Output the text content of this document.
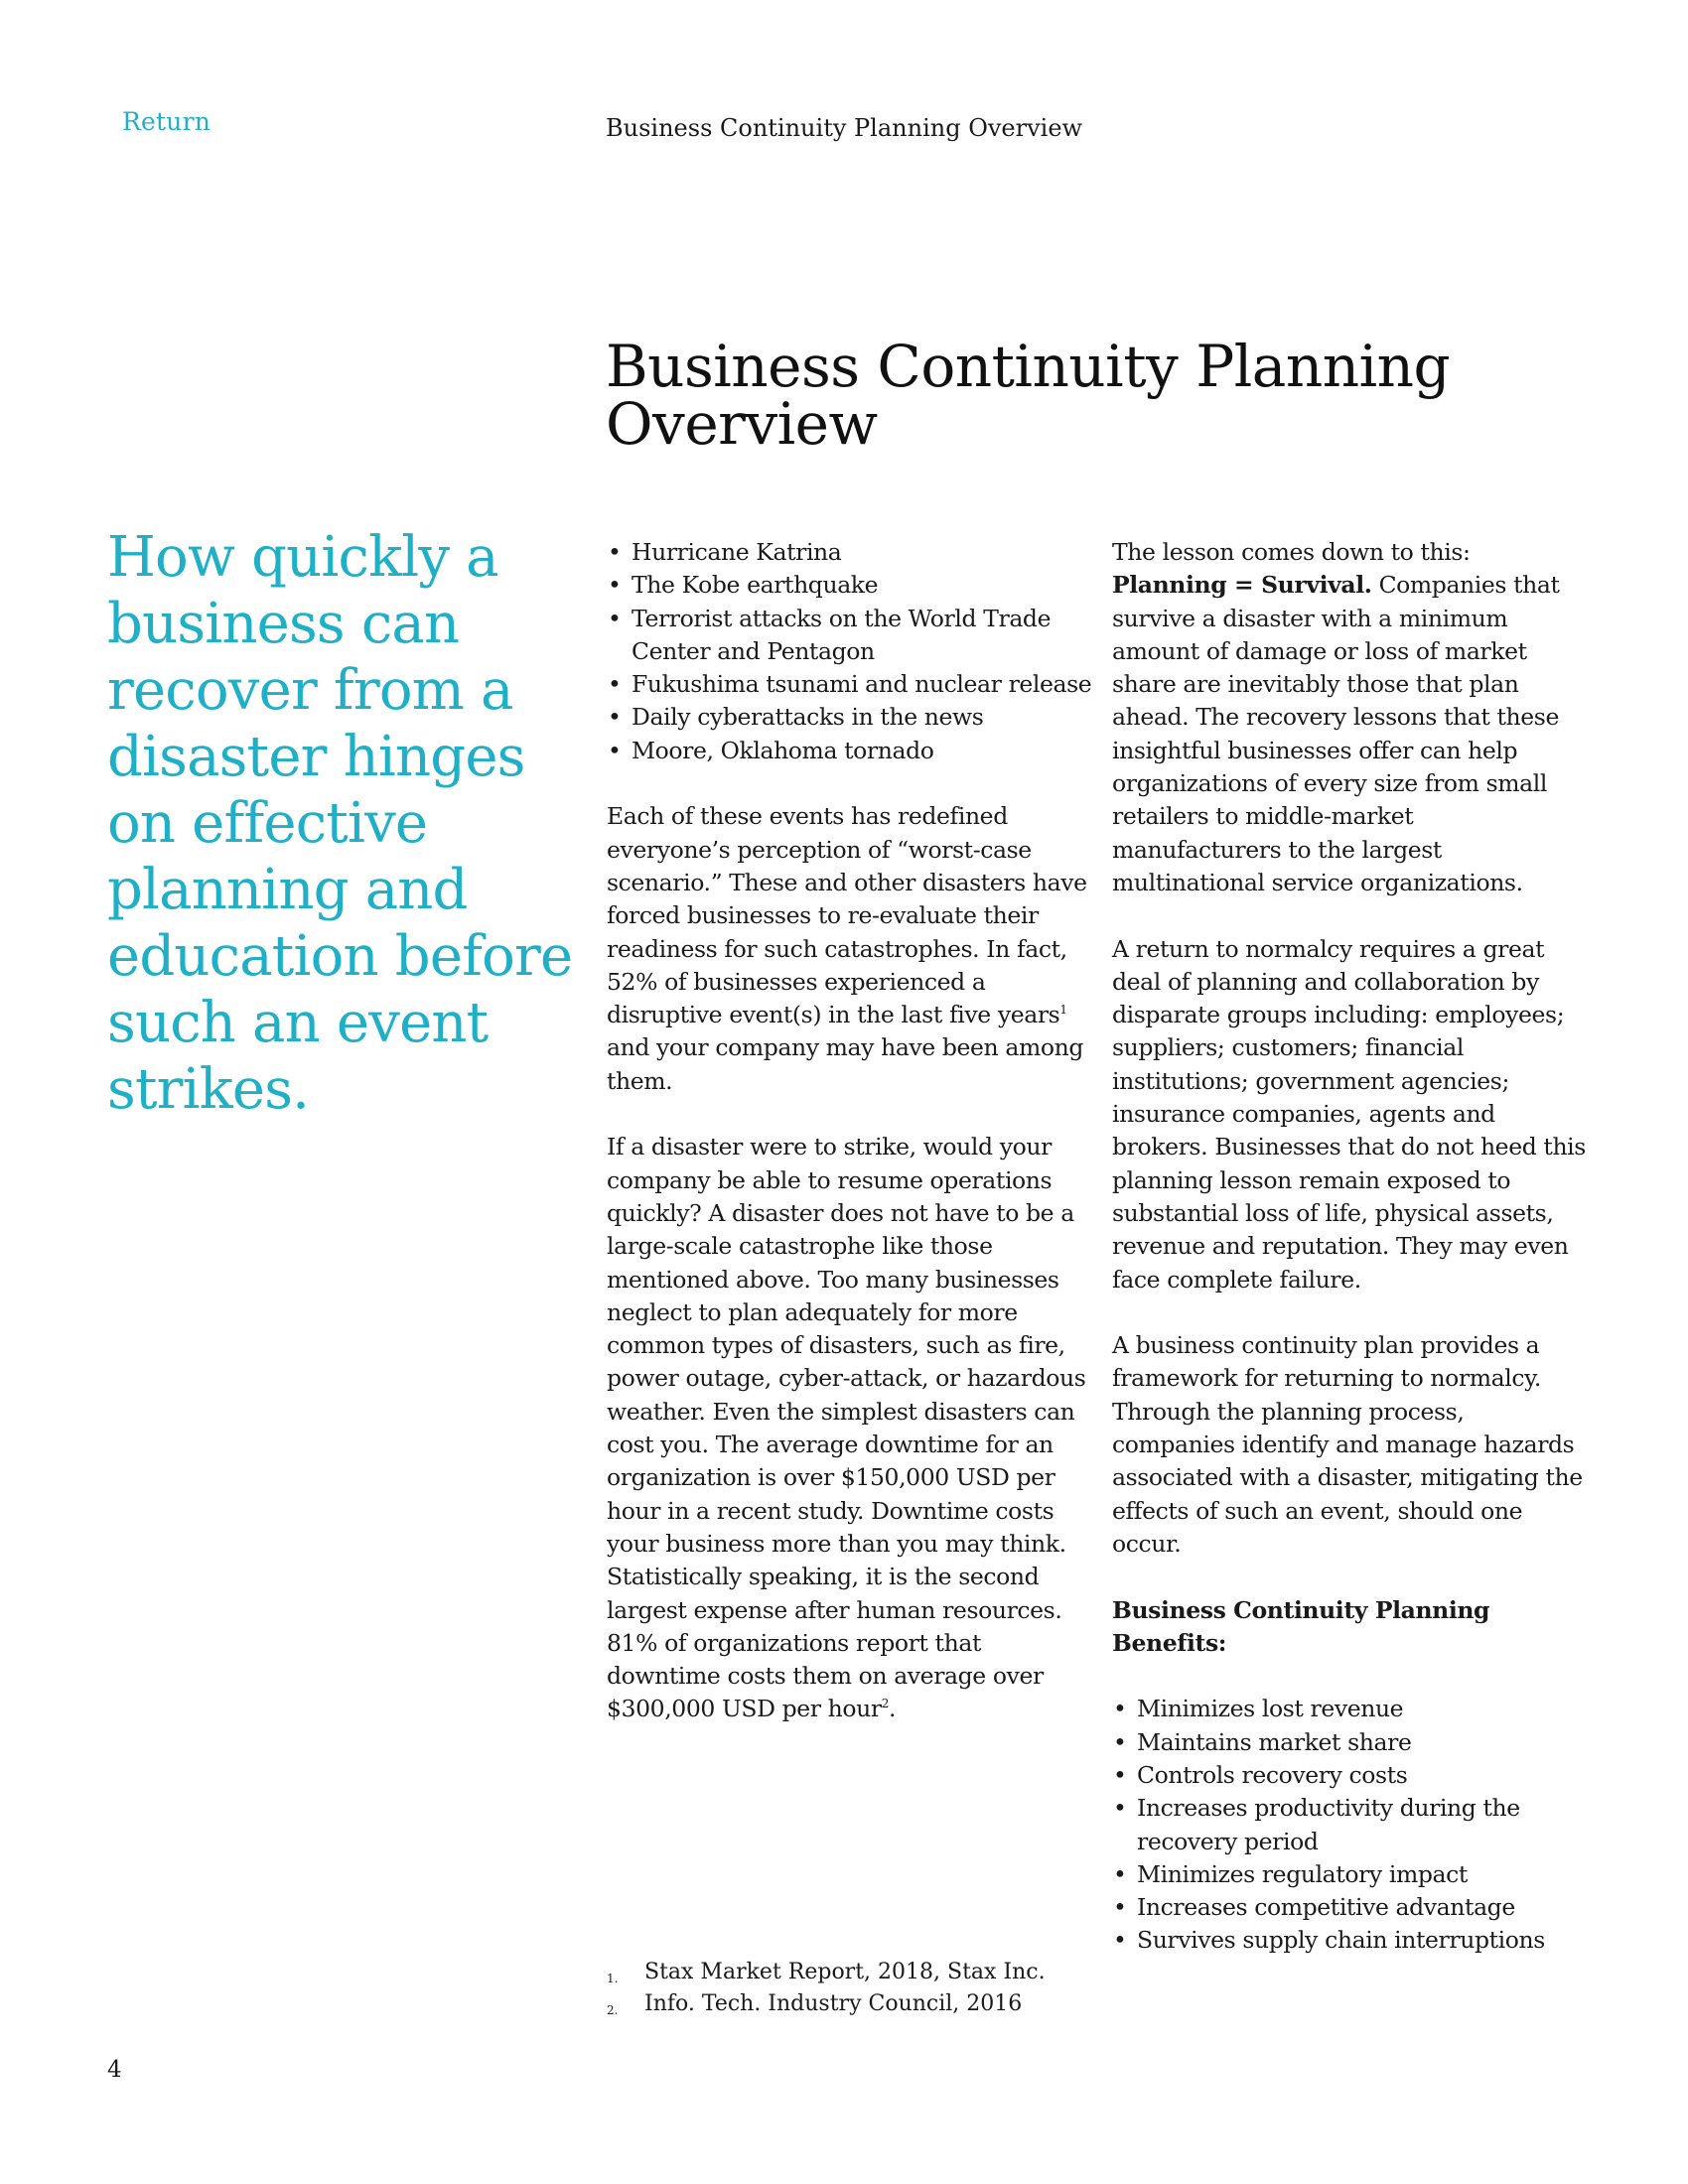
Return	Business Continuity Planning Overview
Business Continuity Planning Overview
How quickly a business can recover from a disaster hinges on effective planning and education before such an event strikes.
• Hurricane Katrina
• The Kobe earthquake
• Terrorist attacks on the World Trade Center and Pentagon
• Fukushima tsunami and nuclear release
• Daily cyberattacks in the news
• Moore, Oklahoma tornado

Each of these events has redefined everyone’s perception of “worst-case scenario.” These and other disasters have forced businesses to re-evaluate their readiness for such catastrophes. In fact, 52% of businesses experienced a disruptive event(s) in the last five years$^1$ and your company may have been among them.

If a disaster were to strike, would your company be able to resume operations quickly? A disaster does not have to be a large-scale catastrophe like those mentioned above. Too many businesses neglect to plan adequately for more common types of disasters, such as fire, power outage, cyber-attack, or hazardous weather. Even the simplest disasters can cost you. The average downtime for an organization is over $150,000 USD per hour in a recent study. Downtime costs your business more than you may think. Statistically speaking, it is the second largest expense after human resources. 81% of organizations report that downtime costs them on average over $300,000 USD per hour$^2$.

The lesson comes down to this: Planning = Survival. Companies that survive a disaster with a minimum amount of damage or loss of market share are inevitably those that plan ahead. The recovery lessons that these insightful businesses offer can help organizations of every size from small retailers to middle-market manufacturers to the largest multinational service organizations.

A return to normalcy requires a great deal of planning and collaboration by disparate groups including: employees; suppliers; customers; financial institutions; government agencies; insurance companies, agents and brokers. Businesses that do not heed this planning lesson remain exposed to substantial loss of life, physical assets, revenue and reputation. They may even face complete failure.

A business continuity plan provides a framework for returning to normalcy. Through the planning process, companies identify and manage hazards associated with a disaster, mitigating the effects of such an event, should one occur.

Business Continuity Planning Benefits:

• Minimizes lost revenue
• Maintains market share
• Controls recovery costs
• Increases productivity during the recovery period
• Minimizes regulatory impact
• Increases competitive advantage
• Survives supply chain interruptions
1.	Stax Market Report, 2018, Stax Inc.
2.	Info. Tech. Industry Council, 2016
4
